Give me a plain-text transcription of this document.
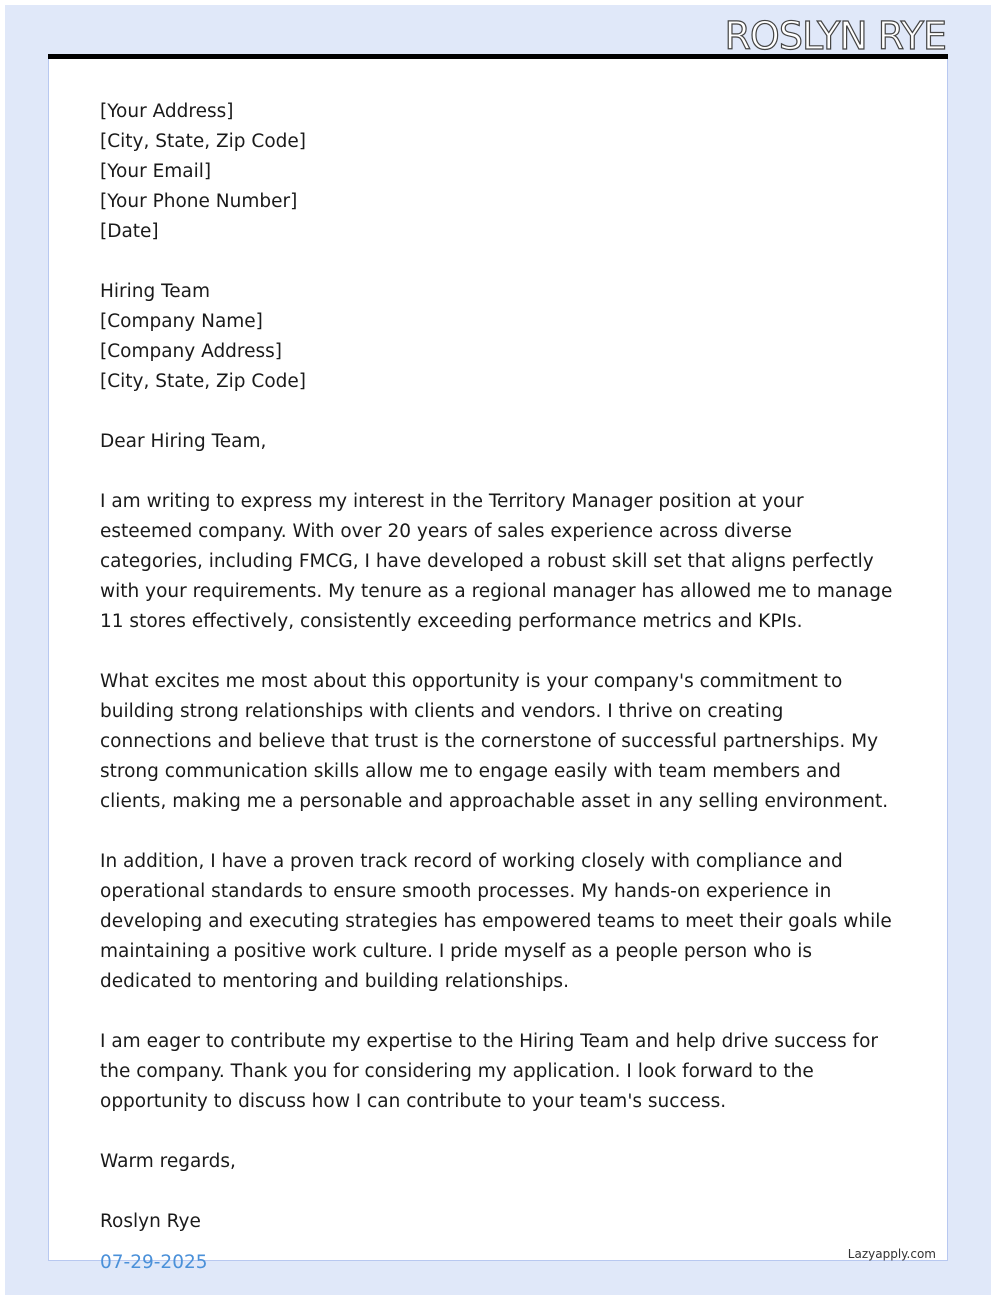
ROSLYN RYE
[Your Address]
[City, State, Zip Code]
[Your Email]
[Your Phone Number]
[Date]
Hiring Team
[Company Name]
[Company Address]
[City, State, Zip Code]
Dear Hiring Team,

I am writing to express my interest in the Territory Manager position at your esteemed company. With over 20 years of sales experience across diverse categories, including FMCG, I have developed a robust skill set that aligns perfectly with your requirements. My tenure as a regional manager has allowed me to manage 11 stores effectively, consistently exceeding performance metrics and KPIs.

What excites me most about this opportunity is your company's commitment to building strong relationships with clients and vendors. I thrive on creating connections and believe that trust is the cornerstone of successful partnerships. My strong communication skills allow me to engage easily with team members and clients, making me a personable and approachable asset in any selling environment.

In addition, I have a proven track record of working closely with compliance and operational standards to ensure smooth processes. My hands-on experience in developing and executing strategies has empowered teams to meet their goals while maintaining a positive work culture. I pride myself as a people person who is dedicated to mentoring and building relationships.

I am eager to contribute my expertise to the Hiring Team and help drive success for the company. Thank you for considering my application. I look forward to the opportunity to discuss how I can contribute to your team's success.

Warm regards,
Roslyn Rye
07-29-2025	Lazyapply.com
